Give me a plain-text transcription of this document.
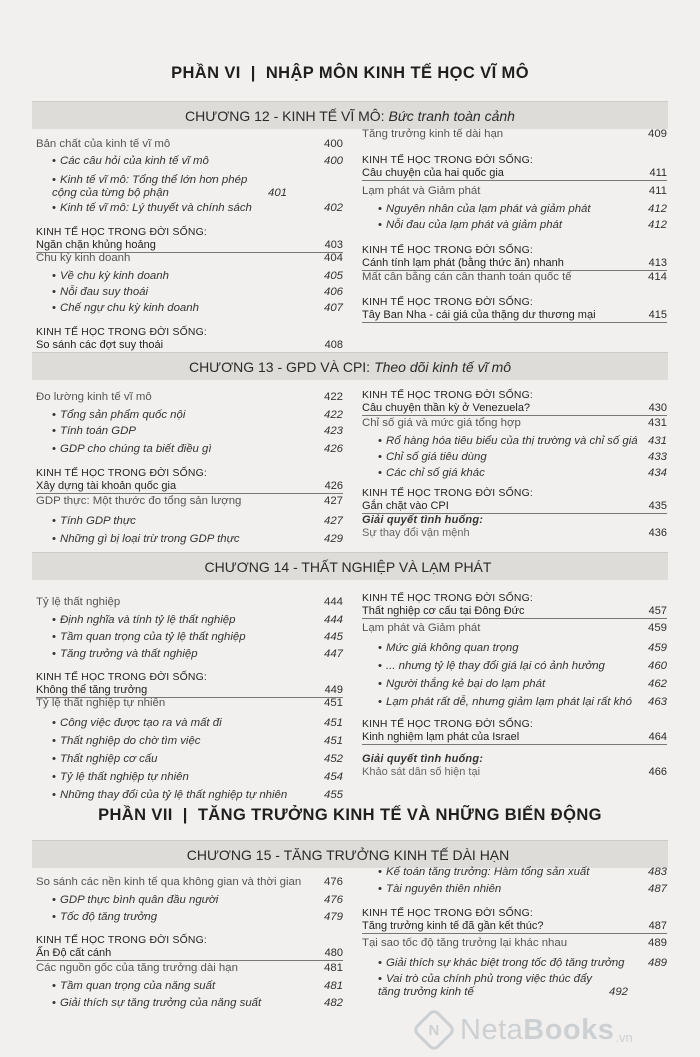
PHẦN VI | NHẬP MÔN KINH TẾ HỌC VĨ MÔ
CHƯƠNG 12 - KINH TẾ VĨ MÔ: Bức tranh toàn cảnh
Bản chất của kinh tế vĩ mô	400
• Các câu hỏi của kinh tế vĩ mô	400
• Kinh tế vĩ mô: Tổng thể lớn hơn phép cộng của từng bộ phận	401
• Kinh tế vĩ mô: Lý thuyết và chính sách	402
KINH TẾ HỌC TRONG ĐỜI SỐNG:
Ngăn chặn khủng hoảng	403
Chu kỳ kinh doanh	404
• Về chu kỳ kinh doanh	405
• Nỗi đau suy thoái	406
• Chế ngự chu kỳ kinh doanh	407
KINH TẾ HỌC TRONG ĐỜI SỐNG:
So sánh các đợt suy thoái	408
Tăng trưởng kinh tế dài hạn	409
KINH TẾ HỌC TRONG ĐỜI SỐNG:
Câu chuyện của hai quốc gia	411
Lạm phát và Giảm phát	411
• Nguyên nhân của lạm phát và giảm phát	412
• Nỗi đau của lạm phát và giảm phát	412
KINH TẾ HỌC TRONG ĐỜI SỐNG:
Cánh tính lạm phát (bằng thức ăn) nhanh	413
Mất cân bằng cán cân thanh toán quốc tế	414
KINH TẾ HỌC TRONG ĐỜI SỐNG:
Tây Ban Nha - cái giá của thặng dư thương mại	415
CHƯƠNG 13 - GPD VÀ CPI: Theo dõi kinh tế vĩ mô
Đo lường kinh tế vĩ mô	422
• Tổng sản phẩm quốc nội	422
• Tính toán GDP	423
• GDP cho chúng ta biết điều gì	426
KINH TẾ HỌC TRONG ĐỜI SỐNG:
Xây dựng tài khoản quốc gia	426
GDP thực: Một thước đo tổng sản lượng	427
• Tính GDP thực	427
• Những gì bị loại trừ trong GDP thực	429
KINH TẾ HỌC TRONG ĐỜI SỐNG:
Câu chuyện thần kỳ ở Venezuela?	430
Chỉ số giá và mức giá tổng hợp	431
• Rổ hàng hóa tiêu biểu của thị trường và chỉ số giá 431
• Chỉ số giá tiêu dùng	433
• Các chỉ số giá khác	434
KINH TẾ HỌC TRONG ĐỜI SỐNG:
Gắn chặt vào CPI	435
Giải quyết tình huống:
Sự thay đổi vận mệnh	436
CHƯƠNG 14 - THẤT NGHIỆP VÀ LẠM PHÁT
Tỷ lệ thất nghiệp	444
• Định nghĩa và tính tỷ lệ thất nghiệp	444
• Tầm quan trọng của tỷ lệ thất nghiệp	445
• Tăng trưởng và thất nghiệp	447
KINH TẾ HỌC TRONG ĐỜI SỐNG:
Không thể tăng trưởng	449
Tỷ lệ thất nghiệp tự nhiên	451
• Công việc được tạo ra và mất đi	451
• Thất nghiệp do chờ tìm việc	451
• Thất nghiệp cơ cấu	452
• Tỷ lệ thất nghiệp tự nhiên	454
• Những thay đổi của tỷ lệ thất nghiệp tự nhiên	455
KINH TẾ HỌC TRONG ĐỜI SỐNG:
Thất nghiệp cơ cấu tại Đông Đức	457
Lạm phát và Giảm phát	459
• Mức giá không quan trọng	459
• ... nhưng tỷ lệ thay đổi giá lại có ảnh hưởng	460
• Người thắng kẻ bại do lạm phát	462
• Lạm phát rất dễ, nhưng giảm lạm phát lại rất khó	463
KINH TẾ HỌC TRONG ĐỜI SỐNG:
Kinh nghiệm lạm phát của Israel	464
Giải quyết tình huống:
Khảo sát dân số hiện tại	466
PHẦN VII | TĂNG TRƯỞNG KINH TẾ VÀ NHỮNG BIẾN ĐỘNG
CHƯƠNG 15 - TĂNG TRƯỞNG KINH TẾ DÀI HẠN
So sánh các nền kinh tế qua không gian và thời gian	476
• GDP thực bình quân đầu người	476
• Tốc độ tăng trưởng	479
KINH TẾ HỌC TRONG ĐỜI SỐNG:
Ấn Độ cất cánh	480
Các nguồn gốc của tăng trưởng dài hạn	481
• Tầm quan trọng của năng suất	481
• Giải thích sự tăng trưởng của năng suất	482
• Kế toán tăng trưởng: Hàm tổng sản xuất	483
• Tài nguyên thiên nhiên	487
KINH TẾ HỌC TRONG ĐỜI SỐNG:
Tăng trưởng kinh tế đã gần kết thúc?	487
Tại sao tốc độ tăng trưởng lại khác nhau	489
• Giải thích sự khác biệt trong tốc độ tăng trưởng	489
• Vai trò của chính phủ trong việc thúc đẩy tăng trưởng kinh tế	492
N NetaBooks .vn
